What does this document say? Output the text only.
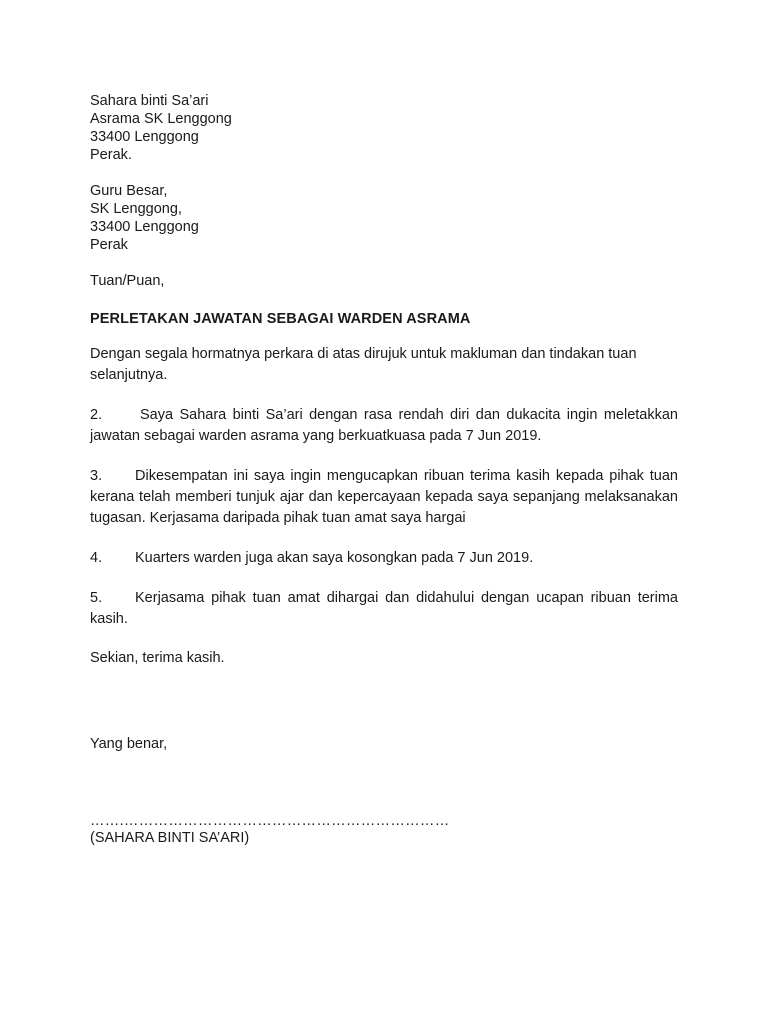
Sahara binti Sa’ari
Asrama SK Lenggong
33400 Lenggong
Perak.
Guru Besar,
SK Lenggong,
33400 Lenggong
Perak
Tuan/Puan,
PERLETAKAN JAWATAN SEBAGAI WARDEN ASRAMA

Dengan segala hormatnya perkara di atas dirujuk untuk makluman dan tindakan tuan selanjutnya.

2.	Saya Sahara binti Sa’ari dengan rasa rendah diri dan dukacita ingin meletakkan jawatan sebagai warden asrama yang berkuatkuasa pada 7 Jun 2019.

3. Dikesempatan ini saya ingin mengucapkan ribuan terima kasih kepada pihak tuan kerana telah memberi tunjuk ajar dan kepercayaan kepada saya sepanjang melaksanakan tugasan. Kerjasama daripada pihak tuan amat saya hargai

4. Kuarters warden juga akan saya kosongkan pada 7 Jun 2019.

5. Kerjasama pihak tuan amat dihargai dan didahului dengan ucapan ribuan terima kasih.

Sekian, terima kasih.
Yang benar,
…….…………………………………………………………
(SAHARA BINTI SA’ARI)
